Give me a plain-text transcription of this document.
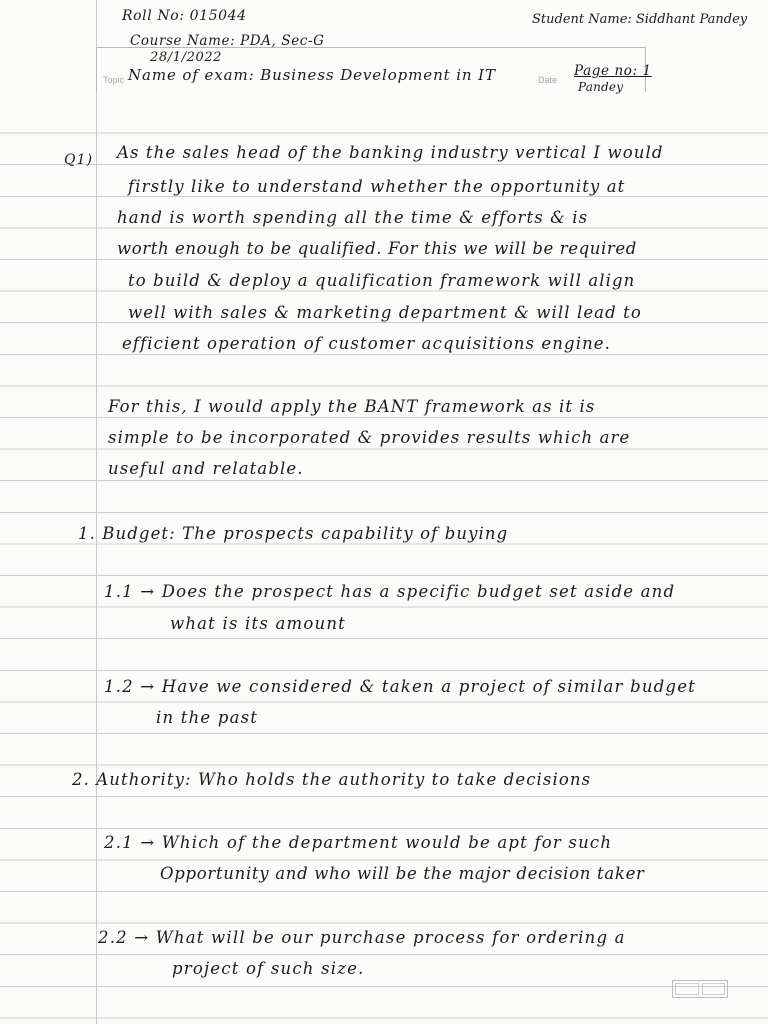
Roll No: 015044

Course Name: PDA, Sec-G

28/1/2022

Student Name: Siddhant Pandey

Topic Name of exam: Business Development in IT	Date

Page no: 1

Pandey

Q1) As the sales head of the banking industry vertical I would

firstly like to understand whether the opportunity at

hand is worth spending all the time & efforts & is

worth enough to be qualified. For this we will be required

to build & deploy a qualification framework will align

well with sales & marketing department & will lead to

efficient operation of customer acquisitions engine.

For this, I would apply the BANT framework as it is

simple to be incorporated & provides results which are

useful and relatable.

1. Budget: The prospects capability of buying

1.1 → Does the prospect has a specific budget set aside and

what is its amount

1.2 → Have we considered & taken a project of similar budget

in the past

2. Authority: Who holds the authority to take decisions

2.1 → Which of the department would be apt for such

Opportunity and who will be the major decision taker

2.2 → What will be our purchase process for ordering a

project of such size.
